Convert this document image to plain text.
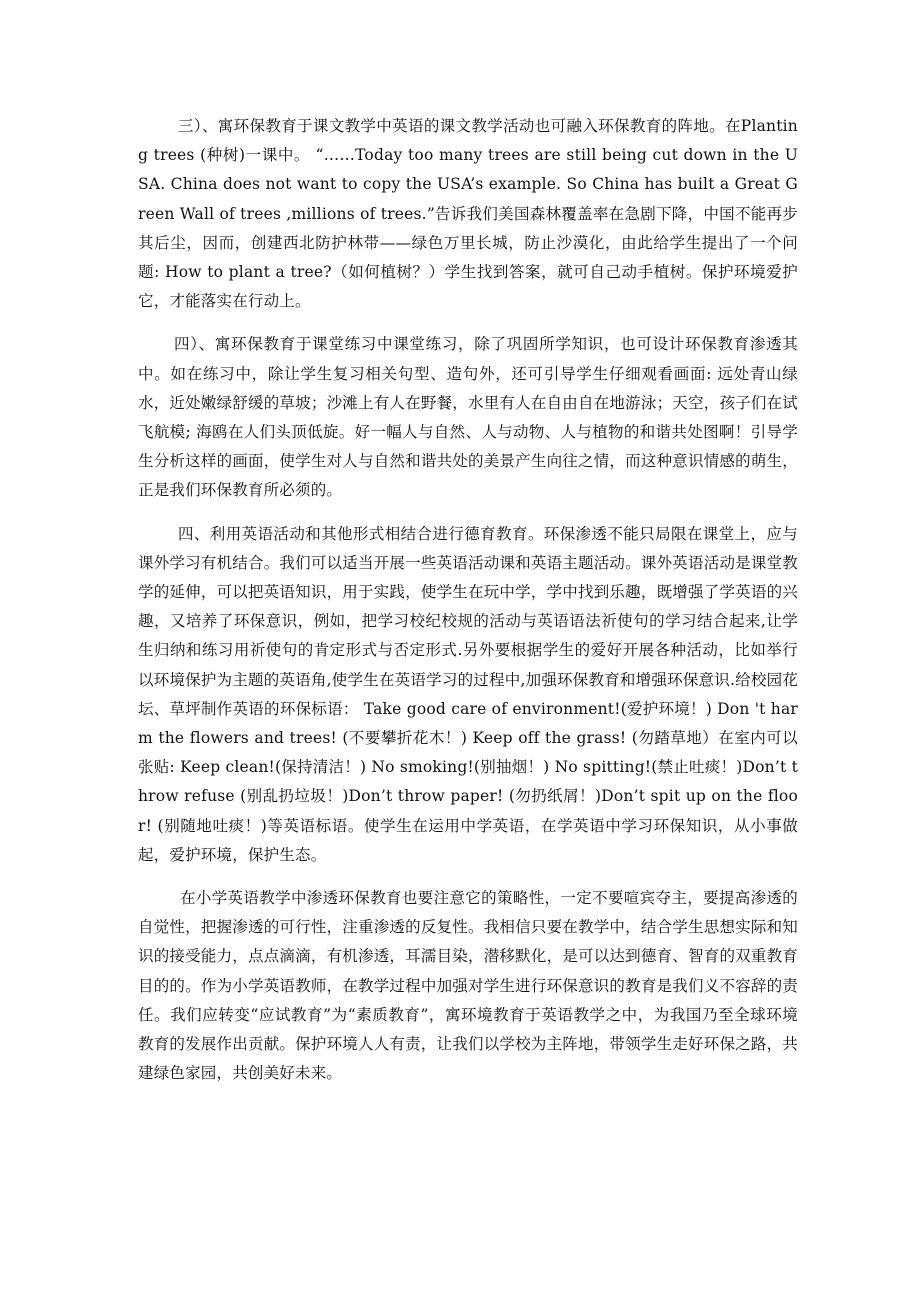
三）、寓环保教育于课文教学中英语的课文教学活动也可融入环保教育的阵地。在Planting trees (种树)一课中。 “……Today too many trees are still being cut down in the USA. China does not want to copy the USA’s example. So China has built a Great Green Wall of trees ,millions of trees.”告诉我们美国森林覆盖率在急剧下降，中国不能再步其后尘，因而，创建西北防护林带——绿色万里长城，防止沙漠化，由此给学生提出了一个问题: How to plant a tree?（如何植树？）学生找到答案，就可自己动手植树。保护环境爱护它，才能落实在行动上。

四）、寓环保教育于课堂练习中课堂练习，除了巩固所学知识，也可设计环保教育渗透其中。如在练习中，除让学生复习相关句型、造句外，还可引导学生仔细观看画面: 远处青山绿水，近处嫩绿舒缓的草坡；沙滩上有人在野餐，水里有人在自由自在地游泳；天空，孩子们在试飞航模; 海鸥在人们头顶低旋。好一幅人与自然、人与动物、人与植物的和谐共处图啊！引导学生分析这样的画面，使学生对人与自然和谐共处的美景产生向往之情，而这种意识情感的萌生，正是我们环保教育所必须的。

四、利用英语活动和其他形式相结合进行德育教育。环保渗透不能只局限在课堂上，应与课外学习有机结合。我们可以适当开展一些英语活动课和英语主题活动。课外英语活动是课堂教学的延伸，可以把英语知识，用于实践，使学生在玩中学，学中找到乐趣，既增强了学英语的兴趣，又培养了环保意识，例如，把学习校纪校规的活动与英语语法祈使句的学习结合起来,让学生归纳和练习用祈使句的肯定形式与否定形式.另外要根据学生的爱好开展各种活动，比如举行以环境保护为主题的英语角,使学生在英语学习的过程中,加强环保教育和增强环保意识.给校园花坛、草坪制作英语的环保标语： Take good care of environment!(爱护环境！) Don 't harm the flowers and trees! (不要攀折花木！) Keep off the grass! (勿踏草地）在室内可以张贴: Keep clean!(保持清洁！) No smoking!(别抽烟！) No spitting!(禁止吐痰！)Don’t throw refuse (别乱扔垃圾！)Don’t throw paper! (勿扔纸屑！)Don’t spit up on the floor! (别随地吐痰！)等英语标语。使学生在运用中学英语，在学英语中学习环保知识，从小事做起，爱护环境，保护生态。

在小学英语教学中渗透环保教育也要注意它的策略性，一定不要喧宾夺主，要提高渗透的自觉性，把握渗透的可行性，注重渗透的反复性。我相信只要在教学中，结合学生思想实际和知识的接受能力，点点滴滴，有机渗透，耳濡目染，潜移默化，是可以达到德育、智育的双重教育目的的。作为小学英语教师，在教学过程中加强对学生进行环保意识的教育是我们义不容辞的责任。我们应转变“应试教育”为“素质教育”，寓环境教育于英语教学之中，为我国乃至全球环境教育的发展作出贡献。保护环境人人有责，让我们以学校为主阵地，带领学生走好环保之路，共建绿色家园，共创美好未来。
